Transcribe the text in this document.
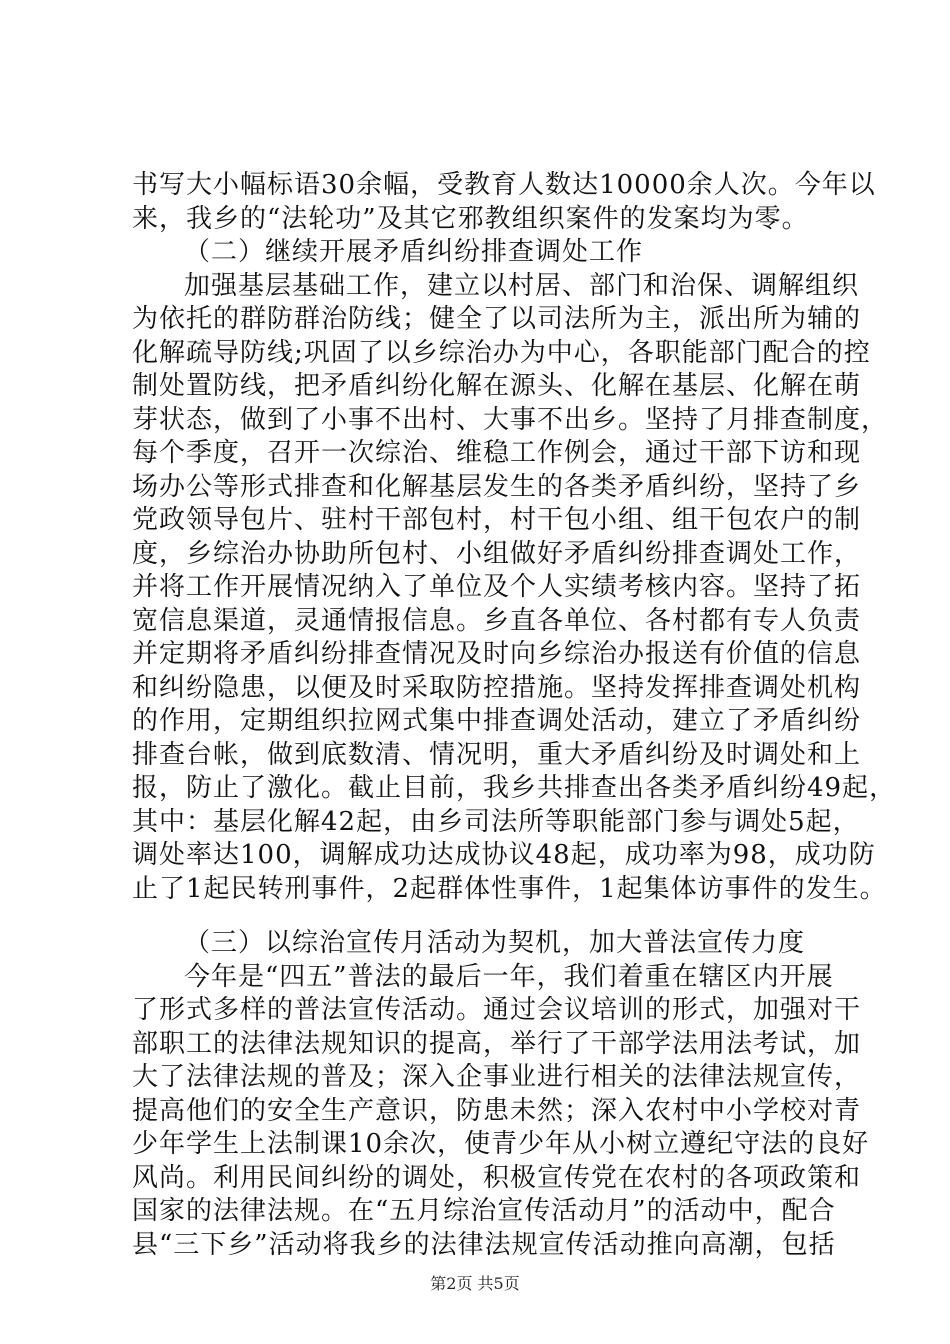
书写大小幅标语30余幅，受教育人数达10000余人次。今年以
来，我乡的“法轮功”及其它邪教组织案件的发案均为零。
（二）继续开展矛盾纠纷排查调处工作
加强基层基础工作，建立以村居、部门和治保、调解组织
为依托的群防群治防线；健全了以司法所为主，派出所为辅的
化解疏导防线;巩固了以乡综治办为中心，各职能部门配合的控
制处置防线，把矛盾纠纷化解在源头、化解在基层、化解在萌
芽状态，做到了小事不出村、大事不出乡。坚持了月排查制度，
每个季度，召开一次综治、维稳工作例会，通过干部下访和现
场办公等形式排查和化解基层发生的各类矛盾纠纷，坚持了乡
党政领导包片、驻村干部包村，村干包小组、组干包农户的制
度，乡综治办协助所包村、小组做好矛盾纠纷排查调处工作，
并将工作开展情况纳入了单位及个人实绩考核内容。坚持了拓
宽信息渠道，灵通情报信息。乡直各单位、各村都有专人负责
并定期将矛盾纠纷排查情况及时向乡综治办报送有价值的信息
和纠纷隐患，以便及时采取防控措施。坚持发挥排查调处机构
的作用，定期组织拉网式集中排查调处活动，建立了矛盾纠纷
排查台帐，做到底数清、情况明，重大矛盾纠纷及时调处和上
报，防止了激化。截止目前，我乡共排查出各类矛盾纠纷49起，
其中：基层化解42起，由乡司法所等职能部门参与调处5起，
调处率达100，调解成功达成协议48起，成功率为98，成功防
止了1起民转刑事件，2起群体性事件，1起集体访事件的发生。
（三）以综治宣传月活动为契机，加大普法宣传力度
今年是“四五”普法的最后一年，我们着重在辖区内开展
了形式多样的普法宣传活动。通过会议培训的形式，加强对干
部职工的法律法规知识的提高，举行了干部学法用法考试，加
大了法律法规的普及；深入企事业进行相关的法律法规宣传，
提高他们的安全生产意识，防患未然；深入农村中小学校对青
少年学生上法制课10余次，使青少年从小树立遵纪守法的良好
风尚。利用民间纠纷的调处，积极宣传党在农村的各项政策和
国家的法律法规。在“五月综治宣传活动月”的活动中，配合
县“三下乡”活动将我乡的法律法规宣传活动推向高潮，包括
第2页 共5页
